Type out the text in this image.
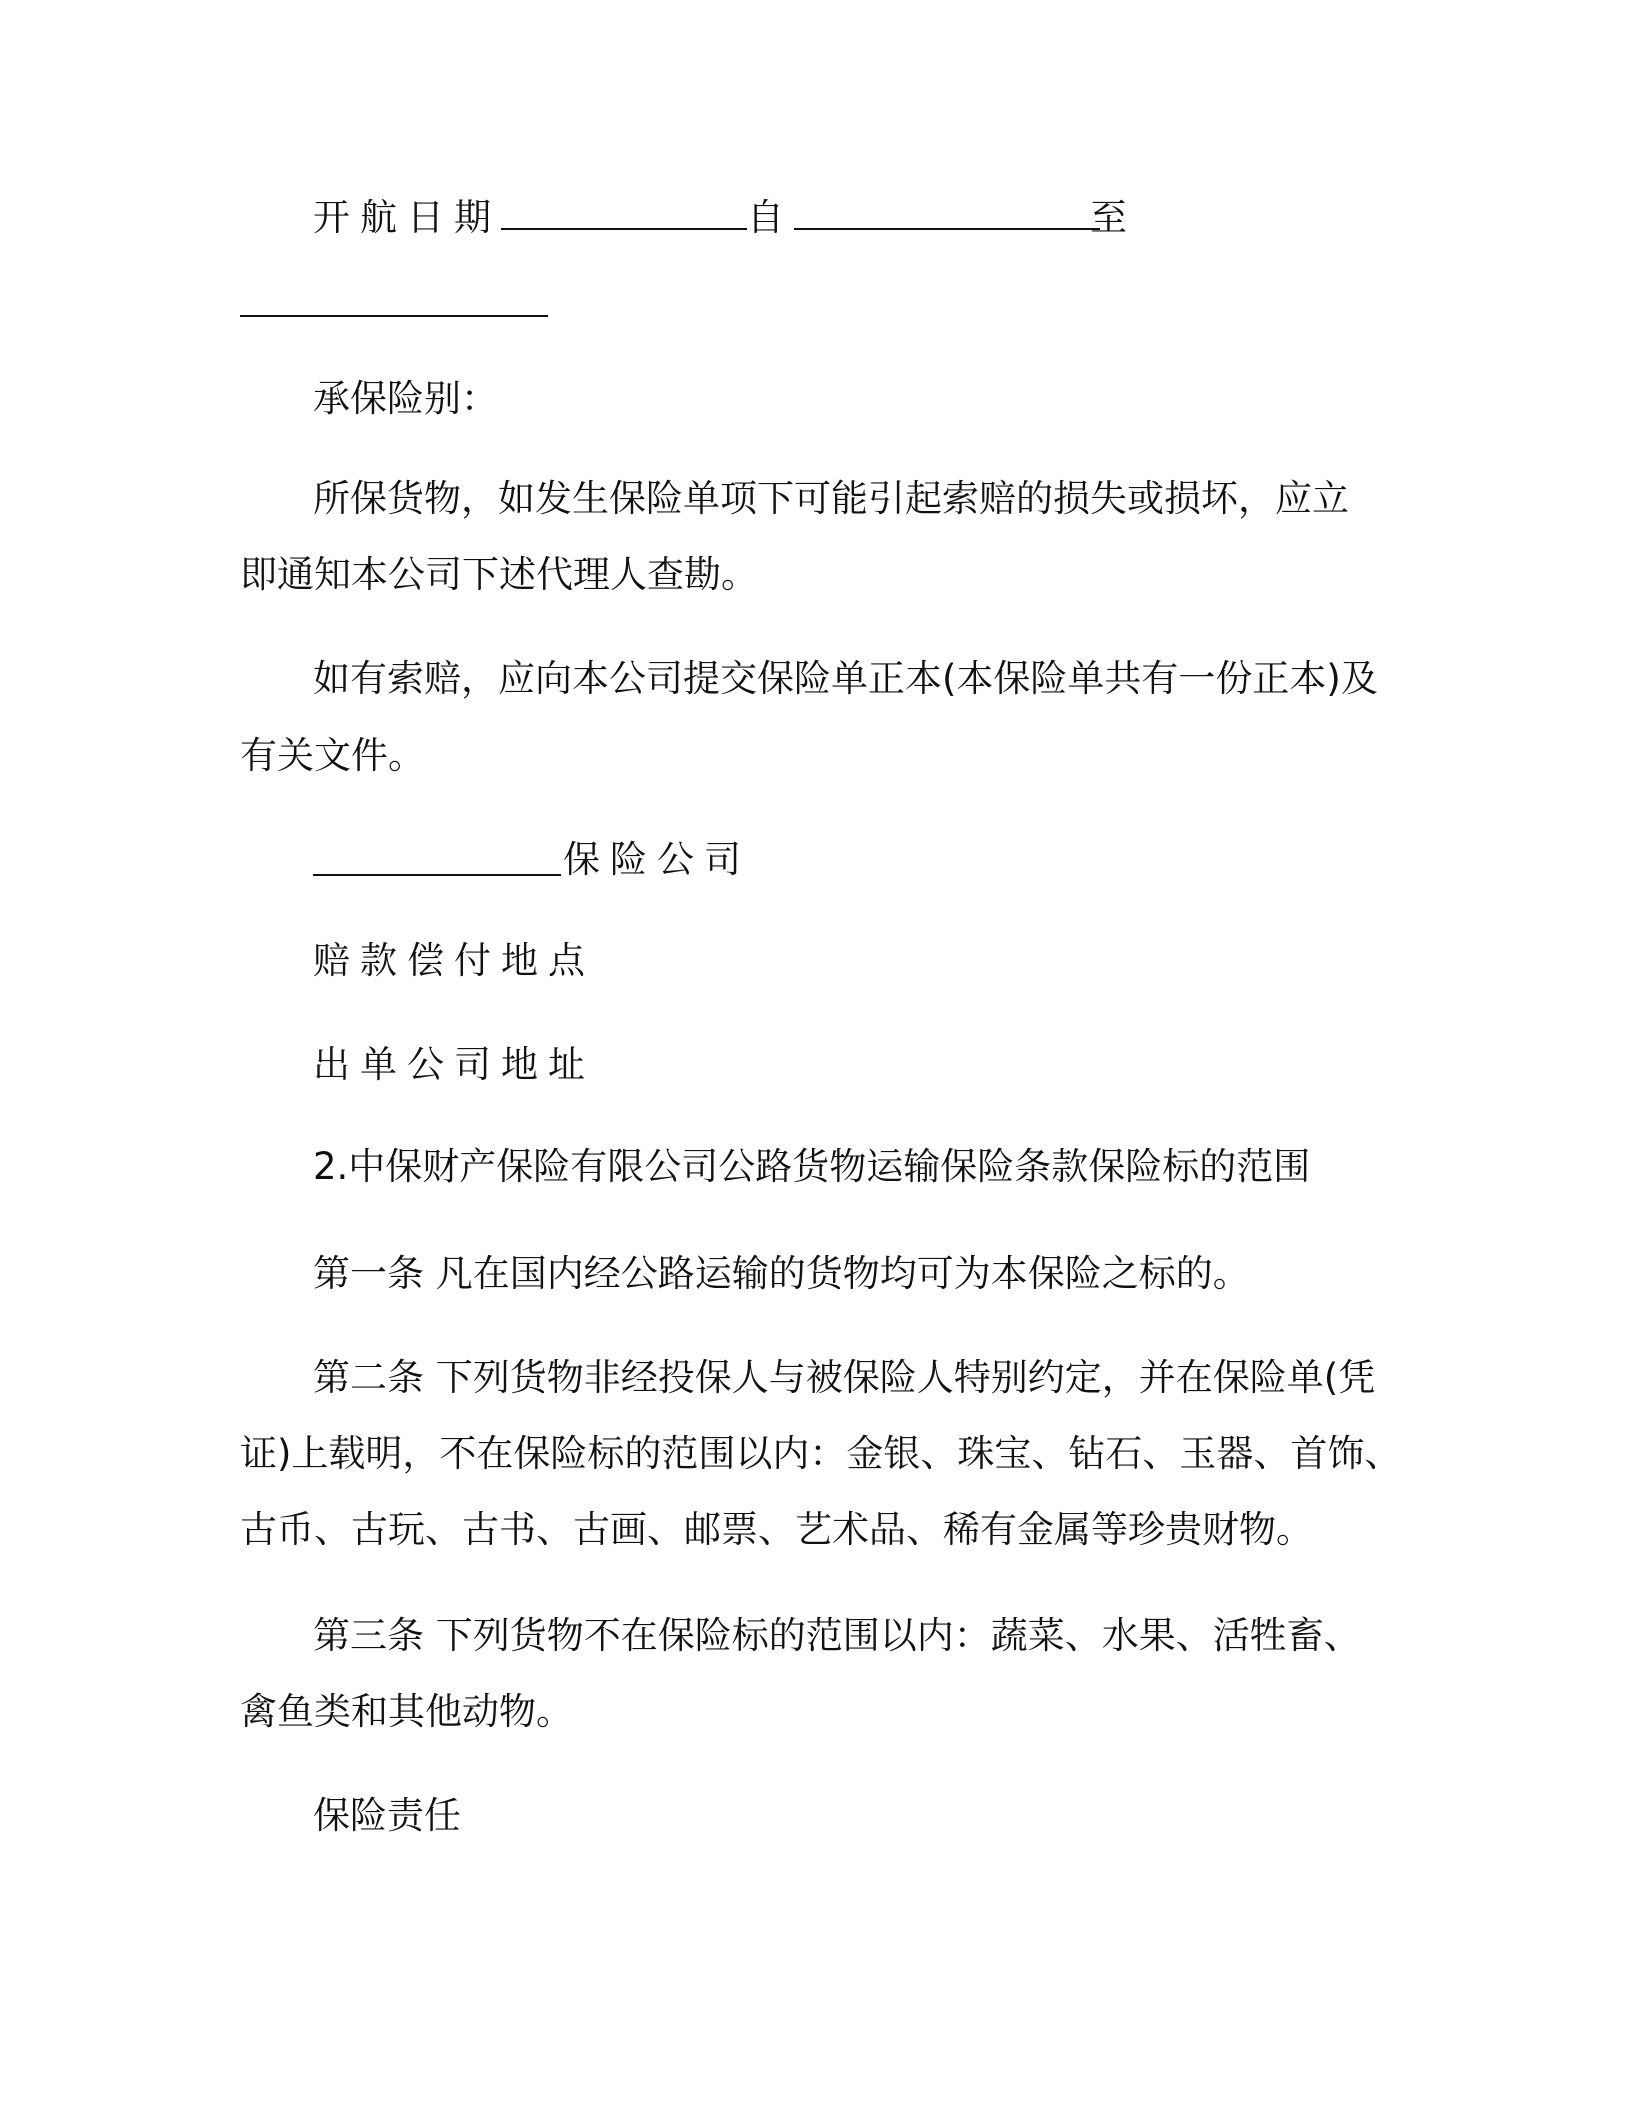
开航日期	自	至

承保险别：

所保货物，如发生保险单项下可能引起索赔的损失或损坏，应立

即通知本公司下述代理人查勘。

如有索赔，应向本公司提交保险单正本(本保险单共有一份正本)及

有关文件。

保险公司

赔款偿付地点

出单公司地址

2.中保财产保险有限公司公路货物运输保险条款保险标的范围

第一条 凡在国内经公路运输的货物均可为本保险之标的。

第二条 下列货物非经投保人与被保险人特别约定，并在保险单(凭

证)上载明，不在保险标的范围以内：金银、珠宝、钻石、玉器、首饰、

古币、古玩、古书、古画、邮票、艺术品、稀有金属等珍贵财物。

第三条 下列货物不在保险标的范围以内：蔬菜、水果、活牲畜、

禽鱼类和其他动物。

保险责任
